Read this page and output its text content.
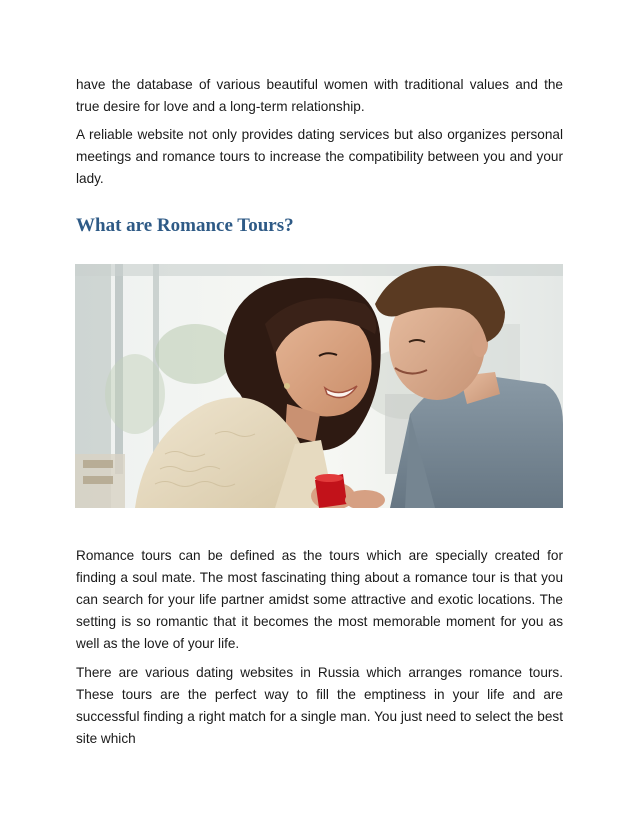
have the database of various beautiful women with traditional values and the true desire for love and a long-term relationship.

A reliable website not only provides dating services but also organizes personal meetings and romance tours to increase the compatibility between you and your lady.

What are Romance Tours?

Romance tours can be defined as the tours which are specially created for finding a soul mate. The most fascinating thing about a romance tour is that you can search for your life partner amidst some attractive and exotic locations. The setting is so romantic that it becomes the most memorable moment for you as well as the love of your life.

There are various dating websites in Russia which arranges romance tours. These tours are the perfect way to fill the emptiness in your life and are successful finding a right match for a single man. You just need to select the best site which
